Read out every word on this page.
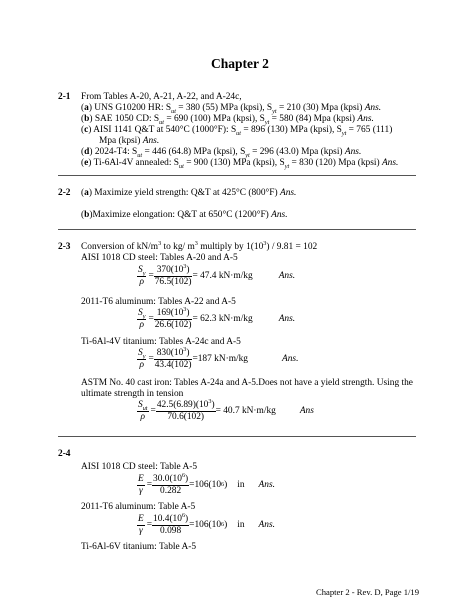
Chapter 2
2-1 From Tables A-20, A-21, A-22, and A-24c,
(a) UNS G10200 HR: $S_{ut} = 380$ (55) MPa (kpsi), $S_{yt} = 210$ (30) Mpa (kpsi) Ans.
(b) SAE 1050 CD: $S_{ut} = 690$ (100) MPa (kpsi), $S_{yt} = 580$ (84) Mpa (kpsi) Ans.
(c) AISI 1141 Q&T at 540°C (1000°F): $S_{ut} = 896$ (130) MPa (kpsi), $S_{yt} = 765$ (111)
Mpa (kpsi) Ans.
(d) 2024-T4: $S_{ut} = 446$ (64.8) MPa (kpsi), $S_{yt} = 296$ (43.0) Mpa (kpsi) Ans.
(e) Ti-6Al-4V annealed: $S_{ut} = 900$ (130) MPa (kpsi), $S_{yt} = 830$ (120) Mpa (kpsi) Ans.
2-2 (a) Maximize yield strength: Q&T at 425°C (800°F) Ans.
(b)Maximize elongation: Q&T at 650°C (1200°F) Ans.
2-3 Conversion of $kN/m^3$ to kg/ $m^3$ multiply by $1(10^3) / 9.81 = 102$
AISI 1018 CD steel: Tables A-20 and A-5
$\frac{S_y}{\rho} = \frac{370(10^3)}{76.5(102)} = 47.4$ kN·m/kg	Ans.
2011-T6 aluminum: Tables A-22 and A-5
$\frac{S_y}{\rho} = \frac{169(10^3)}{26.6(102)} = 62.3$ kN·m/kg	Ans.
Ti-6Al-4V titanium: Tables A-24c and A-5
$\frac{S_y}{\rho} = \frac{830(10^3)}{43.4(102)} =187$ kN·m/kg	Ans.
ASTM No. 40 cast iron: Tables A-24a and A-5.Does not have a yield strength. Using the
ultimate strength in tension
$\frac{S_{ut}}{\rho} = \frac{42.5(6.89)(10^3)}{70.6(102)} = 40.7$ kN·m/kg	Ans
2-4
AISI 1018 CD steel: Table A-5
$\frac{E}{\gamma} = \frac{30.0(10^6)}{0.282} =106(10$ 6 ) in Ans.
2011-T6 aluminum: Table A-5
$\frac{E}{\gamma} = \frac{10.4(10^6)}{0.098} =106(10$ 6 ) in Ans.
Ti-6Al-6V titanium: Table A-5
Chapter 2 - Rev. D, Page 1/19
